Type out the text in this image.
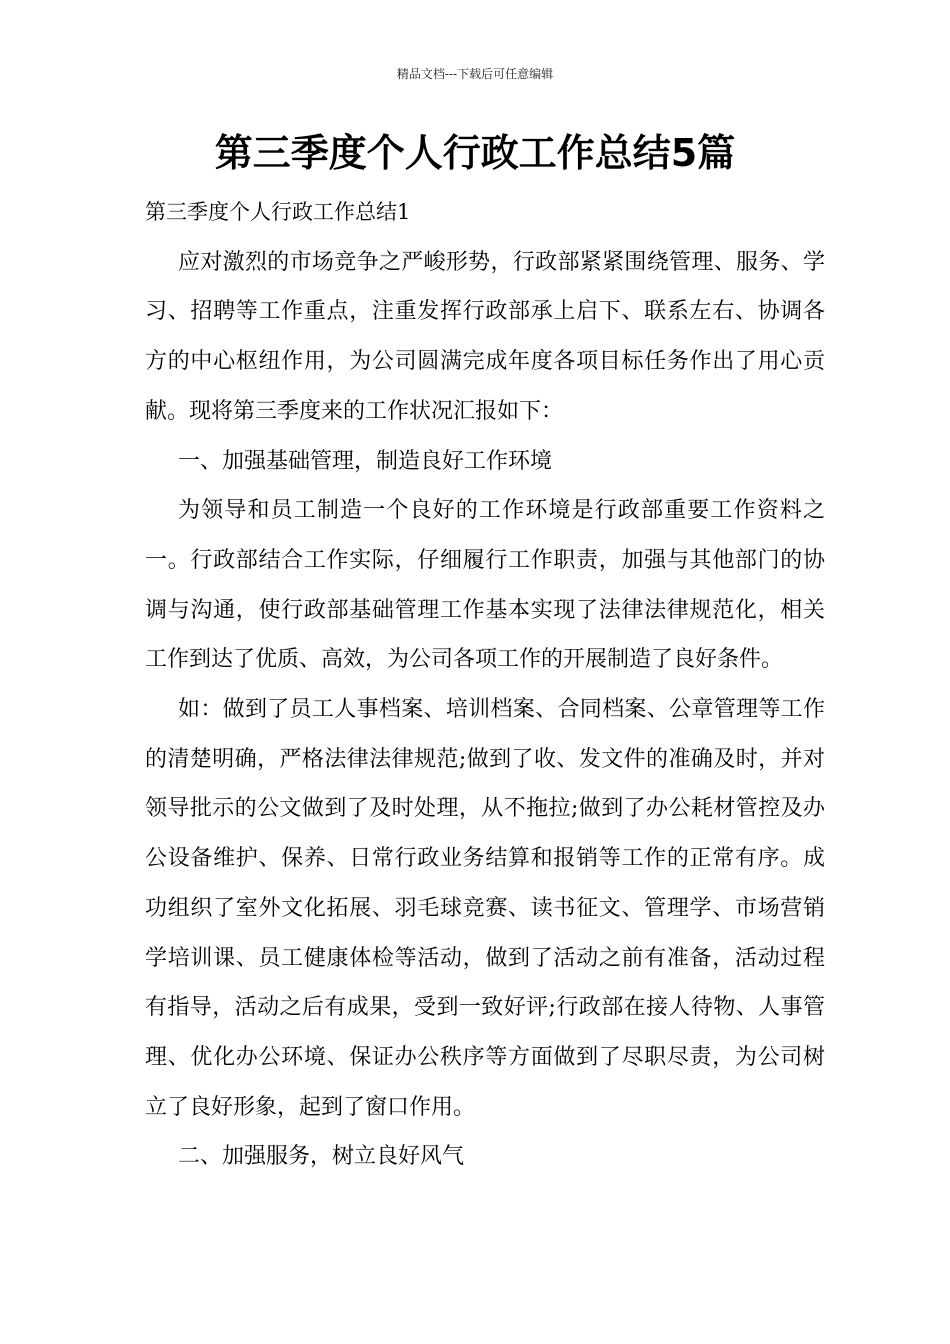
精品文档---下载后可任意编辑
第三季度个人行政工作总结5篇

第三季度个人行政工作总结1

应对激烈的市场竞争之严峻形势，行政部紧紧围绕管理、服务、学习、招聘等工作重点，注重发挥行政部承上启下、联系左右、协调各方的中心枢纽作用，为公司圆满完成年度各项目标任务作出了用心贡献。现将第三季度来的工作状况汇报如下：

一、加强基础管理，制造良好工作环境

为领导和员工制造一个良好的工作环境是行政部重要工作资料之一。行政部结合工作实际，仔细履行工作职责，加强与其他部门的协调与沟通，使行政部基础管理工作基本实现了法律法律规范化，相关工作到达了优质、高效，为公司各项工作的开展制造了良好条件。

如：做到了员工人事档案、培训档案、合同档案、公章管理等工作的清楚明确，严格法律法律规范;做到了收、发文件的准确及时，并对领导批示的公文做到了及时处理，从不拖拉;做到了办公耗材管控及办公设备维护、保养、日常行政业务结算和报销等工作的正常有序。成功组织了室外文化拓展、羽毛球竞赛、读书征文、管理学、市场营销学培训课、员工健康体检等活动，做到了活动之前有准备，活动过程有指导，活动之后有成果，受到一致好评;行政部在接人待物、人事管理、优化办公环境、保证办公秩序等方面做到了尽职尽责，为公司树立了良好形象，起到了窗口作用。

二、加强服务，树立良好风气
